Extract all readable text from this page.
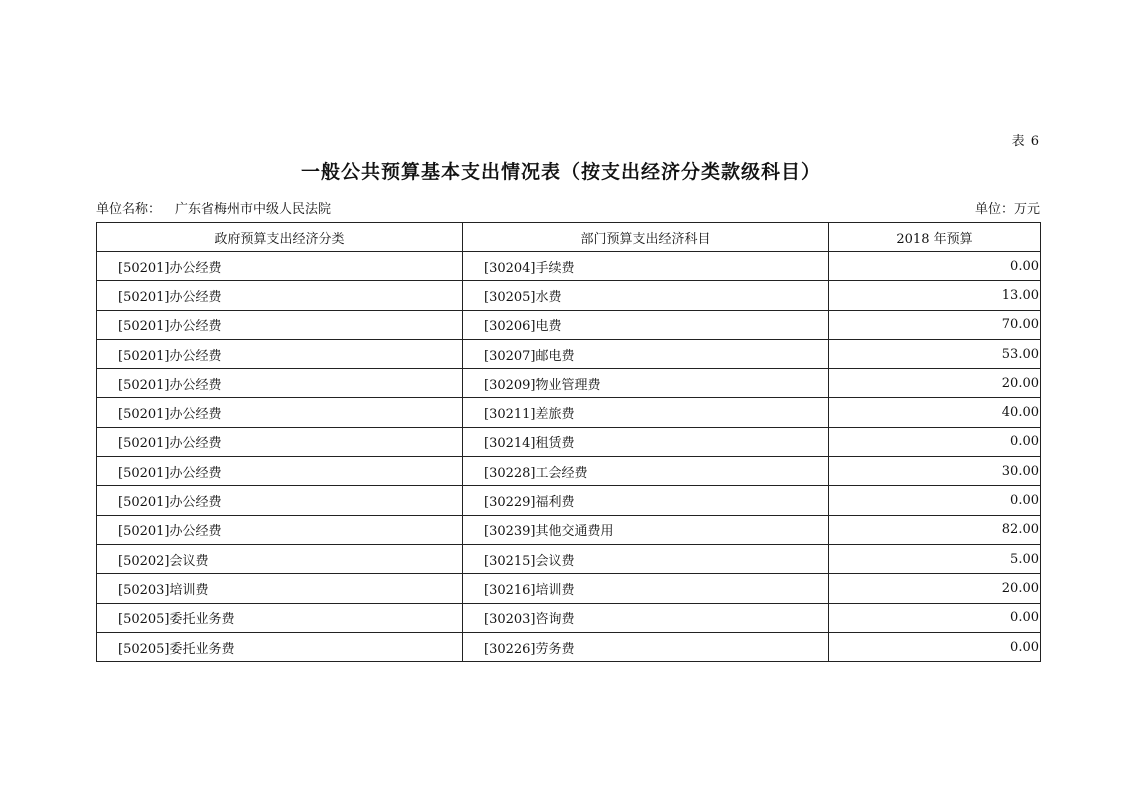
表 6
一般公共预算基本支出情况表（按支出经济分类款级科目）
单位名称： 广东省梅州市中级人民法院	单位：万元
政府预算支出经济分类	部门预算支出经济科目	2018 年预算
[50201]办公经费	[30204]手续费	0.00
[50201]办公经费	[30205]水费	13.00
[50201]办公经费	[30206]电费	70.00
[50201]办公经费	[30207]邮电费	53.00
[50201]办公经费	[30209]物业管理费	20.00
[50201]办公经费	[30211]差旅费	40.00
[50201]办公经费	[30214]租赁费	0.00
[50201]办公经费	[30228]工会经费	30.00
[50201]办公经费	[30229]福利费	0.00
[50201]办公经费	[30239]其他交通费用	82.00
[50202]会议费	[30215]会议费	5.00
[50203]培训费	[30216]培训费	20.00
[50205]委托业务费	[30203]咨询费	0.00
[50205]委托业务费	[30226]劳务费	0.00
